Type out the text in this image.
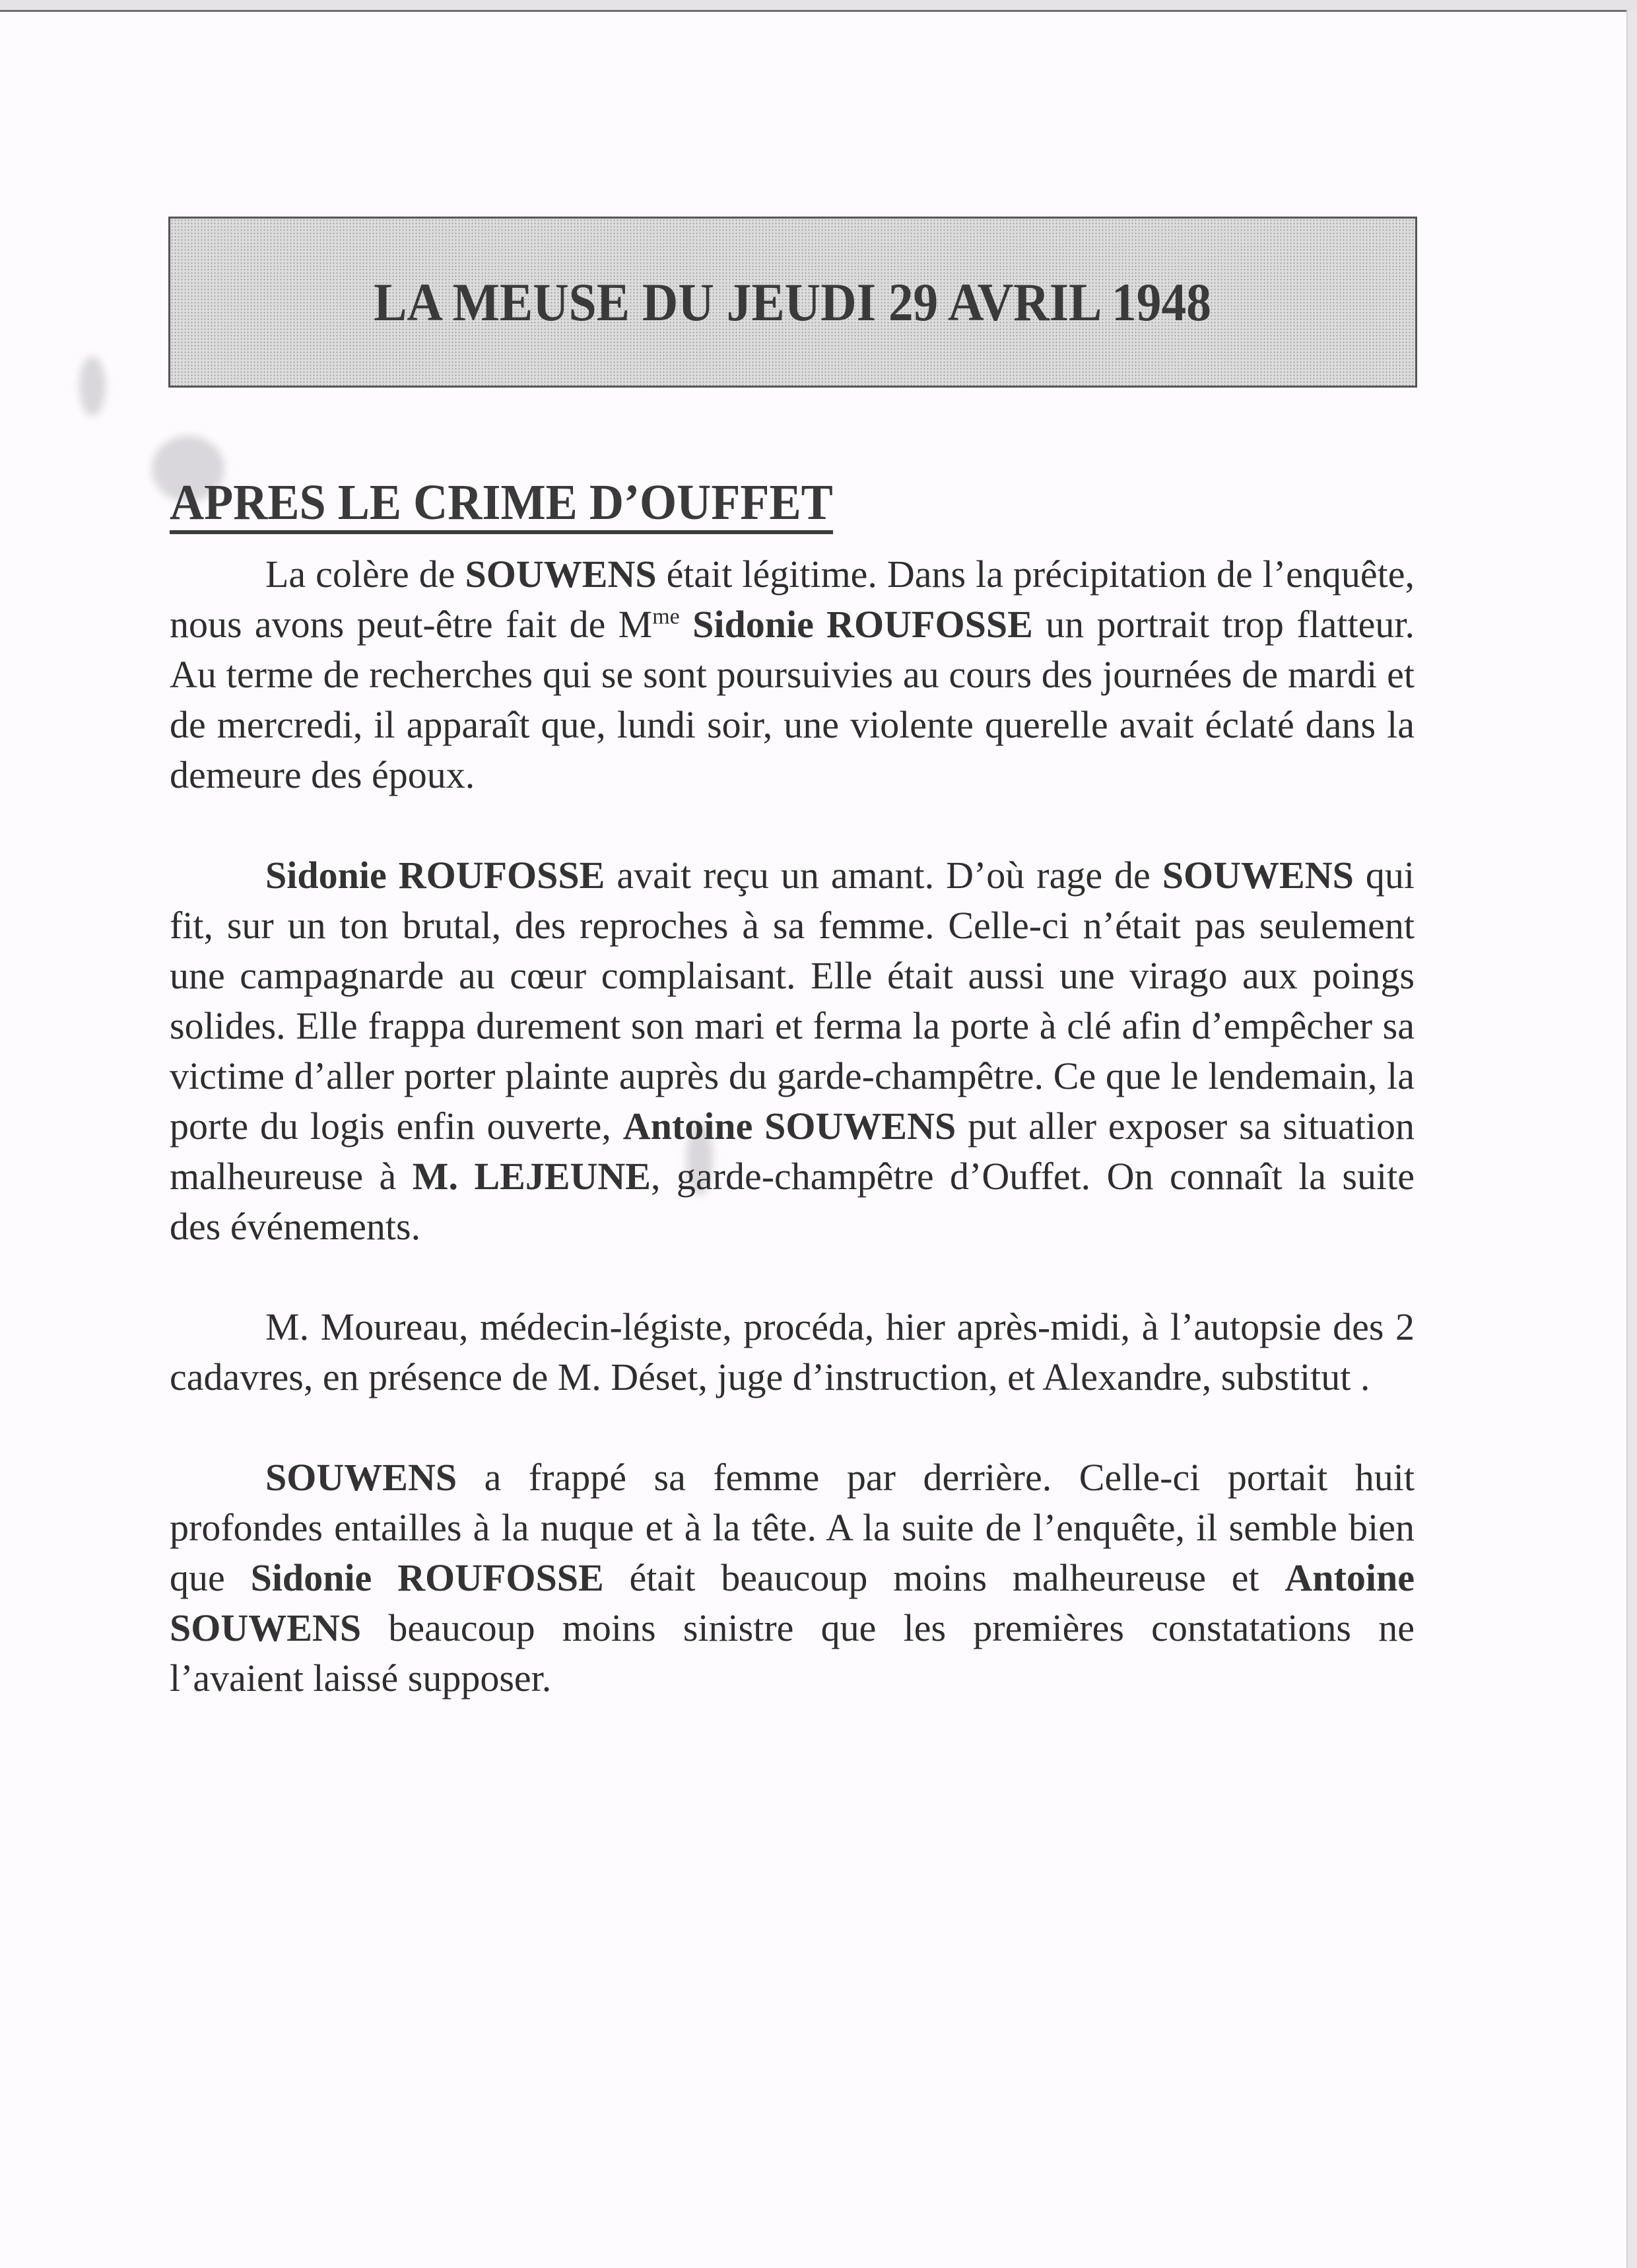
LA MEUSE DU JEUDI 29 AVRIL 1948
APRES LE CRIME D’OUFFET

La colère de SOUWENS était légitime. Dans la précipitation de l’enquête, nous avons peut-être fait de $M^{me}$ Sidonie ROUFOSSE un portrait trop flatteur. Au terme de recherches qui se sont poursuivies au cours des journées de mardi et de mercredi, il apparaît que, lundi soir, une violente querelle avait éclaté dans la demeure des époux.

Sidonie ROUFOSSE avait reçu un amant. D’où rage de SOUWENS qui fit, sur un ton brutal, des reproches à sa femme. Celle-ci n’était pas seulement une campagnarde au cœur complaisant. Elle était aussi une virago aux poings solides. Elle frappa durement son mari et ferma la porte à clé afin d’empêcher sa victime d’aller porter plainte auprès du garde-champêtre. Ce que le lendemain, la porte du logis enfin ouverte, Antoine SOUWENS put aller exposer sa situation malheureuse à M. LEJEUNE, garde-champêtre d’Ouffet. On connaît la suite des événements.

M. Moureau, médecin-légiste, procéda, hier après-midi, à l’autopsie des 2 cadavres, en présence de M. Déset, juge d’instruction, et Alexandre, substitut .

SOUWENS a frappé sa femme par derrière. Celle-ci portait huit profondes entailles à la nuque et à la tête. A la suite de l’enquête, il semble bien que Sidonie ROUFOSSE était beaucoup moins malheureuse et Antoine SOUWENS beaucoup moins sinistre que les premières constatations ne l’avaient laissé supposer.
